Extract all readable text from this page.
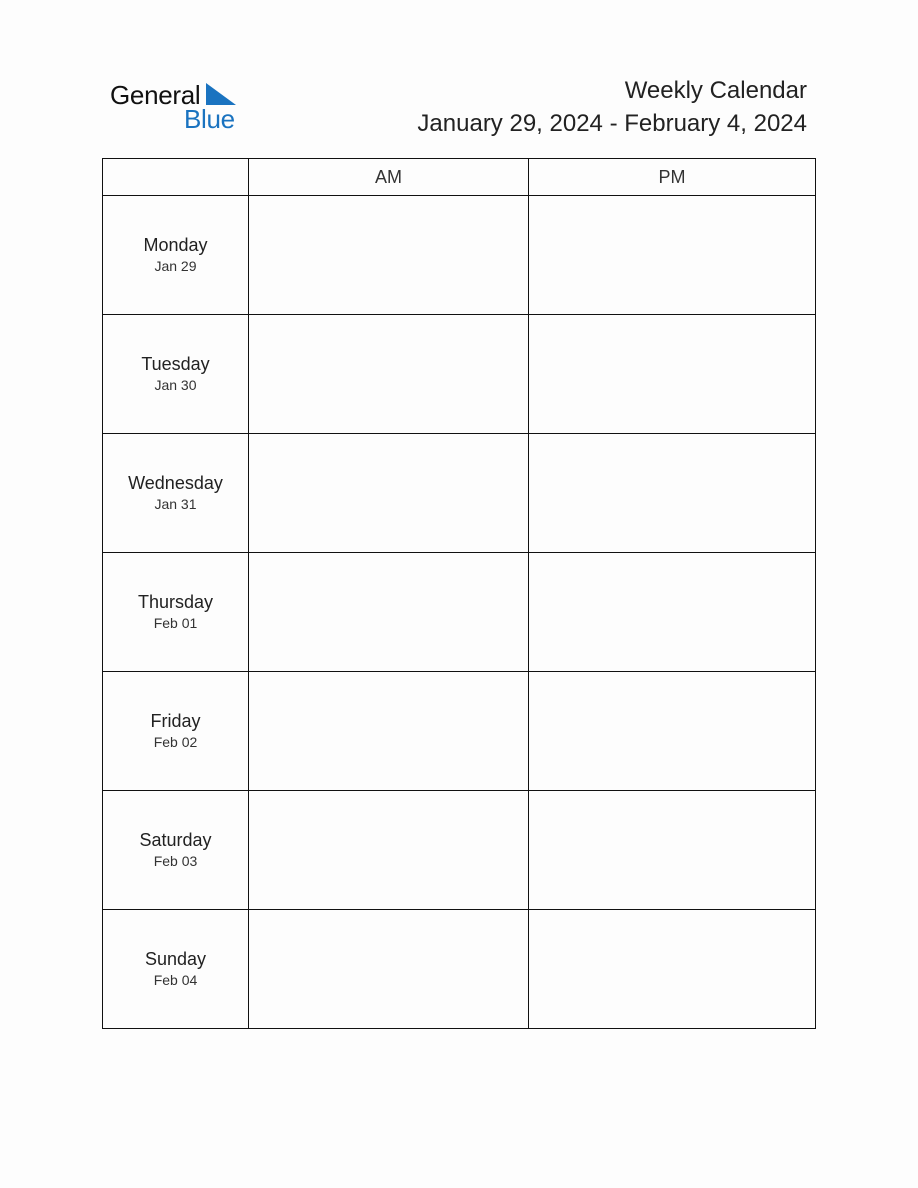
General
Blue
Weekly Calendar
January 29, 2024 - February 4, 2024
	AM	PM

Monday
Jan 29		

Tuesday
Jan 30		

Wednesday
Jan 31		

Thursday
Feb 01		

Friday
Feb 02		

Saturday
Feb 03		

Sunday
Feb 04		
